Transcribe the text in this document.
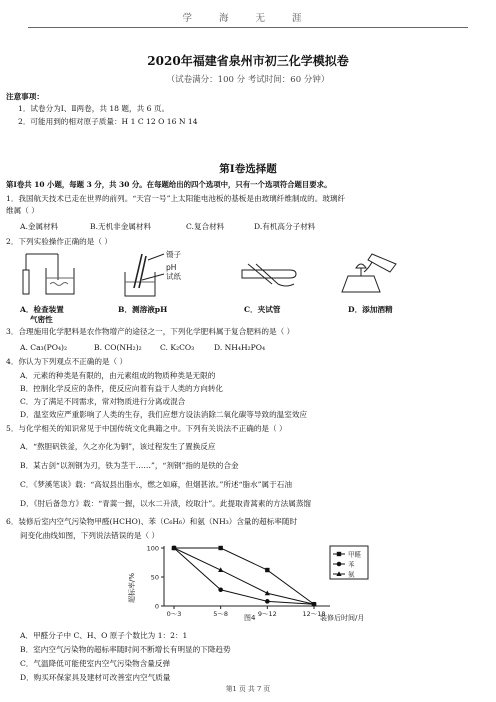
学 海 无 涯
2020年福建省泉州市初三化学模拟卷
（试卷满分：100 分 考试时间：60 分钟）
注意事项：
1．试卷分为Ⅰ、Ⅱ两卷，共 18 题，共 6 页。
2．可能用到的相对原子质量：H 1 C 12 O 16 N 14
第Ⅰ卷选择题
第Ⅰ卷共 10 小题，每题 3 分，共 30 分。在每题给出的四个选项中，只有一个选项符合题目要求。
1．我国航天技术已走在世界的前列。“天宫一号”上太阳能电池板的基板是由玻璃纤维制成的。玻璃纤
维属（ ）
A.金属材料	B.无机非金属材料	C.复合材料	D.有机高分子材料
2．下列实验操作正确的是（ ）
镊子
pH
试纸
A．检查装置
气密性
B．测溶液pH	C．夹试管	D．添加酒精
3．合理施用化学肥料是农作物增产的途径之一，下列化学肥料属于复合肥料的是（ ）
A. Ca₃(PO₄)₂	B. CO(NH₂)₂ C. K₂CO₃	D. NH₄H₂PO₄
4．你认为下列观点不正确的是（ ）
A．元素的种类是有限的，由元素组成的物质种类是无限的
B．控制化学反应的条件，使反应向着有益于人类的方向转化
C．为了满足不同需求，常对物质进行分离或混合
D．温室效应严重影响了人类的生存，我们应想方设法消除二氧化碳等导致的温室效应
5．与化学相关的知识常见于中国传统文化典籍之中。下列有关说法不正确的是（ ）
A．“熬胆矾铁釜，久之亦化为铜”，该过程发生了置换反应
B．某古剑“以剂钢为刃，铁为茎干……”，“剂钢”指的是铁的合金
C．《梦溪笔谈》载：“高奴县出脂水，燃之如麻，但烟甚浓。”所述“脂水”属于石油
D．《肘后备急方》载：“青蒿一握，以水二升渍，绞取汁”。此提取青蒿素的方法属蒸馏
6．装修后室内空气污染物甲醛(HCHO)、苯（C₆H₆）和氨（NH₃）含量的超标率随时
间变化曲线如图，下列说法错误的是（ ）
超标率/%
装修后时间/月
图4
100
50
0
0～3	5～8	9～12	12～18
甲醛
苯
氨
A．甲醛分子中 C、H、O 原子个数比为 1：2：1
B．室内空气污染物的超标率随时间不断增长有明显的下降趋势
C．气温降低可能使室内空气污染物含量反弹
D．购买环保家具及建材可改善室内空气质量
第1 页 共 7 页
